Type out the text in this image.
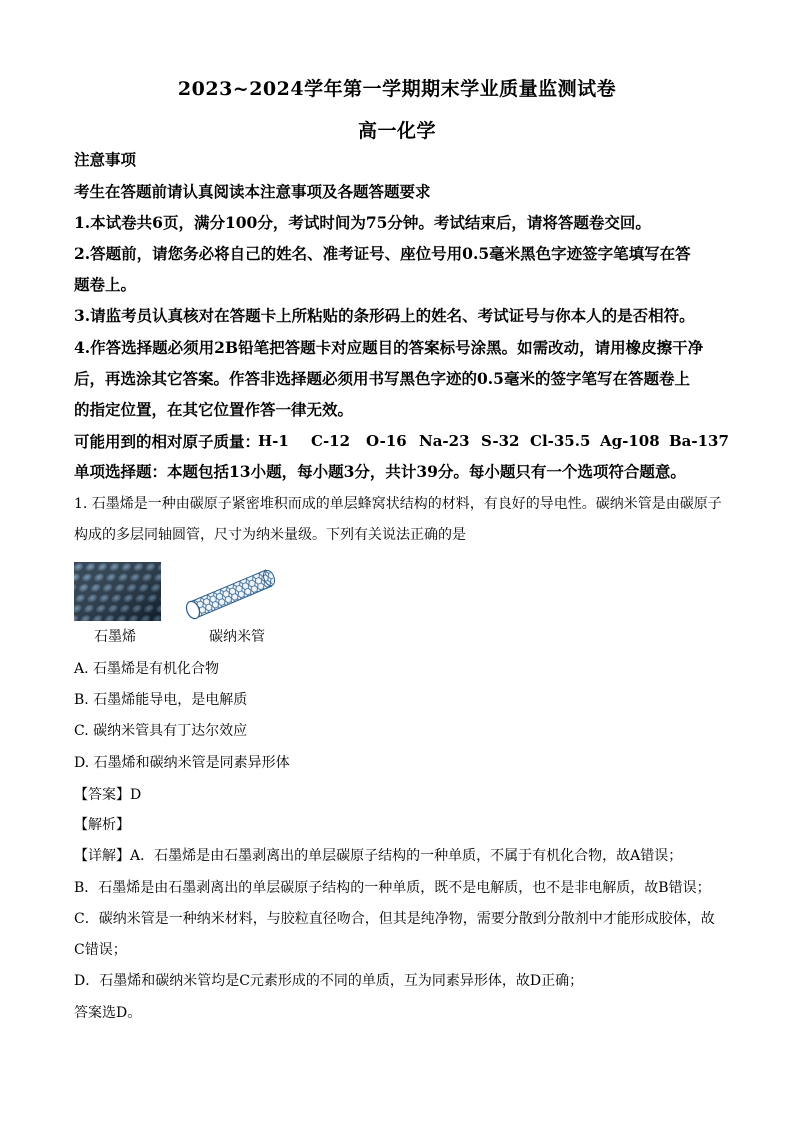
2023~2024学年第一学期期末学业质量监测试卷
高一化学
注意事项
考生在答题前请认真阅读本注意事项及各题答题要求
1.本试卷共6页，满分100分，考试时间为75分钟。考试结束后，请将答题卷交回。
2.答题前，请您务必将自己的姓名、准考证号、座位号用0.5毫米黑色字迹签字笔填写在答
题卷上。
3.请监考员认真核对在答题卡上所粘贴的条形码上的姓名、考试证号与你本人的是否相符。
4.作答选择题必须用2B铅笔把答题卡对应题目的答案标号涂黑。如需改动，请用橡皮擦干净
后，再选涂其它答案。作答非选择题必须用书写黑色字迹的0.5毫米的签字笔写在答题卷上
的指定位置，在其它位置作答一律无效。
可能用到的相对原子质量：
H-1 C-12 O-16 Na-23 S-32 Cl-35.5 Ag-108 Ba-137
单项选择题：本题包括13小题，每小题3分，共计39分。每小题只有一个选项符合题意。
1. 石墨烯是一种由碳原子紧密堆积而成的单层蜂窝状结构的材料，有良好的导电性。碳纳米管是由碳原子
构成的多层同轴圆管，尺寸为纳米量级。下列有关说法正确的是
石墨烯	碳纳米管
A. 石墨烯是有机化合物
B. 石墨烯能导电，是电解质
C. 碳纳米管具有丁达尔效应
D. 石墨烯和碳纳米管是同素异形体
【答案】D
【解析】
【详解】A．石墨烯是由石墨剥离出的单层碳原子结构的一种单质，不属于有机化合物，故A错误；
B．石墨烯是由石墨剥离出的单层碳原子结构的一种单质，既不是电解质，也不是非电解质，故B错误；
C．碳纳米管是一种纳米材料，与胶粒直径吻合，但其是纯净物，需要分散到分散剂中才能形成胶体，故
C错误；
D．石墨烯和碳纳米管均是C元素形成的不同的单质，互为同素异形体，故D正确；
答案选D。
